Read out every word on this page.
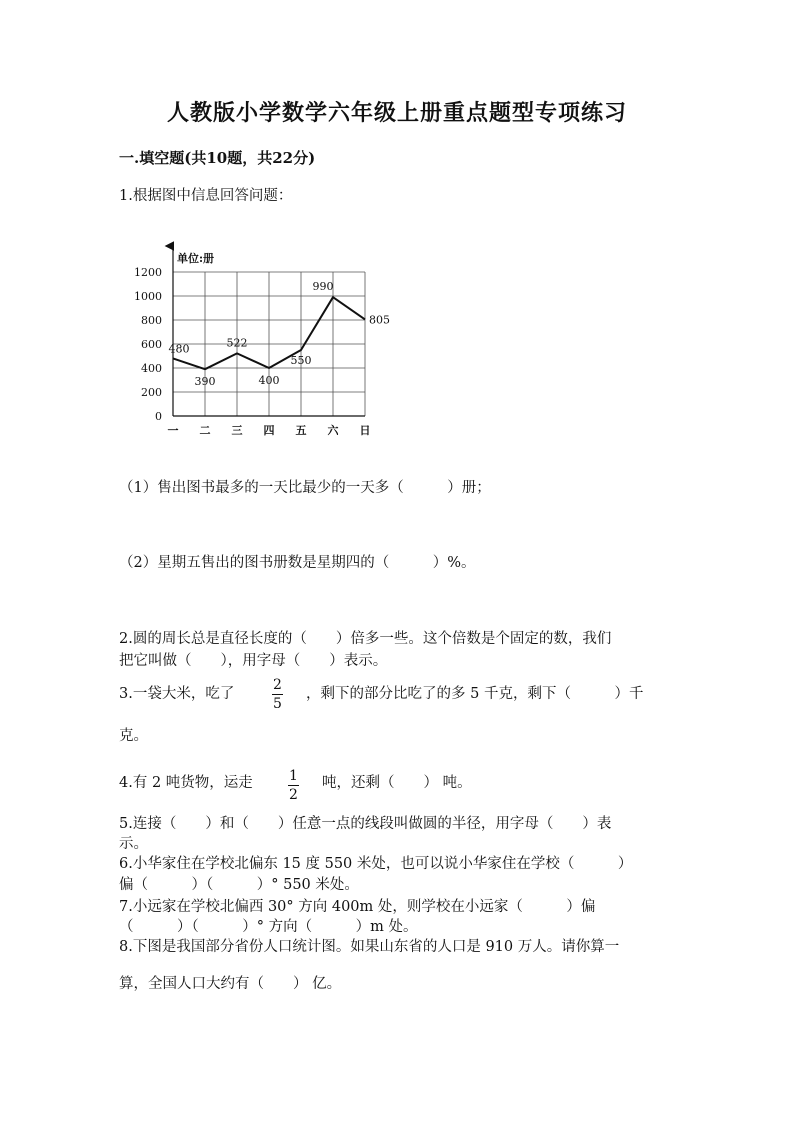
人教版小学数学六年级上册重点题型专项练习
一.填空题(共10题，共22分)
1.根据图中信息回答问题：
0
200
400
600
800
1000
1200
一 二 三 四 五 六 日
单位:册
480
390
522
400
550
990
805
（1）售出图书最多的一天比最少的一天多（　　　）册；
（2）星期五售出的图书册数是星期四的（　　　）%。
2.圆的周长总是直径长度的（　　）倍多一些。这个倍数是个固定的数，我们
把它叫做（　　），用字母（　　）表示。
3.一袋大米，吃了
2
5
，剩下的部分比吃了的多 5 千克，剩下（　　　）千
克。
4.有 2 吨货物，运走	1
2
吨，还剩（　　） 吨。
5.连接（　　）和（　　）任意一点的线段叫做圆的半径，用字母（　　）表
示。
6.小华家住在学校北偏东 15 度 550 米处，也可以说小华家住在学校（　　　）
偏（　　　）（　　　）° 550 米处。
7.小远家在学校北偏西 30° 方向 400m 处，则学校在小远家（　　　）偏
（　　　）（　　　）° 方向（　　　）m 处。
8.下图是我国部分省份人口统计图。如果山东省的人口是 910 万人。请你算一
算，全国人口大约有（　　） 亿。
